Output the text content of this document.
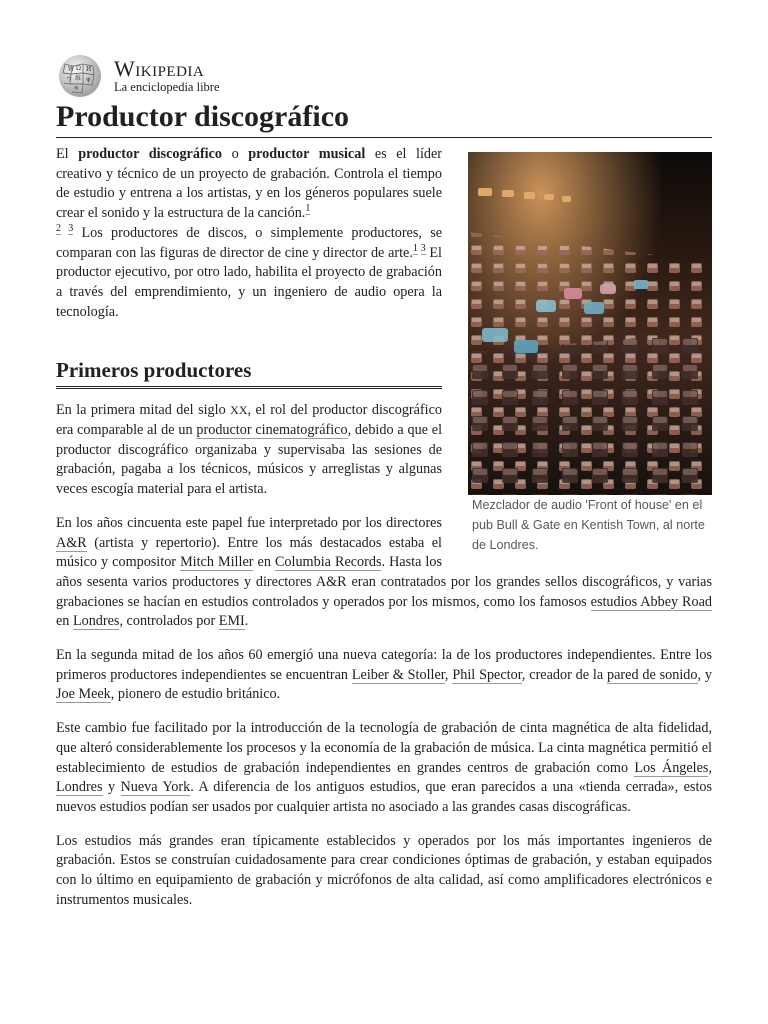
W Ω И
ウ 維 ψ
ক
Wikipedia
La enciclopedia libre
Productor discográfico
Mezclador de audio 'Front of house' en el pub Bull & Gate en Kentish Town, al norte de Londres.

El productor discográfico o productor musical es el líder creativo y técnico de un proyecto de grabación. Controla el tiempo de estudio y entrena a los artistas, y en los géneros populares suele crear el sonido y la estructura de la canción.$^1$
$^{2 3}$ Los productores de discos, o simplemente productores, se comparan con las figuras de director de cine y director de arte.$^{1 3}$ El productor ejecutivo, por otro lado, habilita el proyecto de grabación a través del emprendimiento, y un ingeniero de audio opera la tecnología.

Primeros productores

En la primera mitad del siglo XX, el rol del productor discográfico era comparable al de un productor cinematográfico, debido a que el productor discográfico organizaba y supervisaba las sesiones de grabación, pagaba a los técnicos, músicos y arreglistas y algunas veces escogía material para el artista.

En los años cincuenta este papel fue interpretado por los directores A&R (artista y repertorio). Entre los más destacados estaba el músico y compositor Mitch Miller en Columbia Records. Hasta los años sesenta varios productores y directores A&R eran contratados por los grandes sellos discográficos, y varias grabaciones se hacían en estudios controlados y operados por los mismos, como los famosos estudios Abbey Road en Londres, controlados por EMI.

En la segunda mitad de los años 60 emergió una nueva categoría: la de los productores independientes. Entre los primeros productores independientes se encuentran Leiber & Stoller, Phil Spector, creador de la pared de sonido, y Joe Meek, pionero de estudio británico.

Este cambio fue facilitado por la introducción de la tecnología de grabación de cinta magnética de alta fidelidad, que alteró considerablemente los procesos y la economía de la grabación de música. La cinta magnética permitió el establecimiento de estudios de grabación independientes en grandes centros de grabación como Los Ángeles, Londres y Nueva York. A diferencia de los antiguos estudios, que eran parecidos a una «tienda cerrada», estos nuevos estudios podían ser usados por cualquier artista no asociado a las grandes casas discográficas.

Los estudios más grandes eran típicamente establecidos y operados por los más importantes ingenieros de grabación. Estos se construían cuidadosamente para crear condiciones óptimas de grabación, y estaban equipados con lo último en equipamiento de grabación y micrófonos de alta calidad, así como amplificadores electrónicos e instrumentos musicales.
